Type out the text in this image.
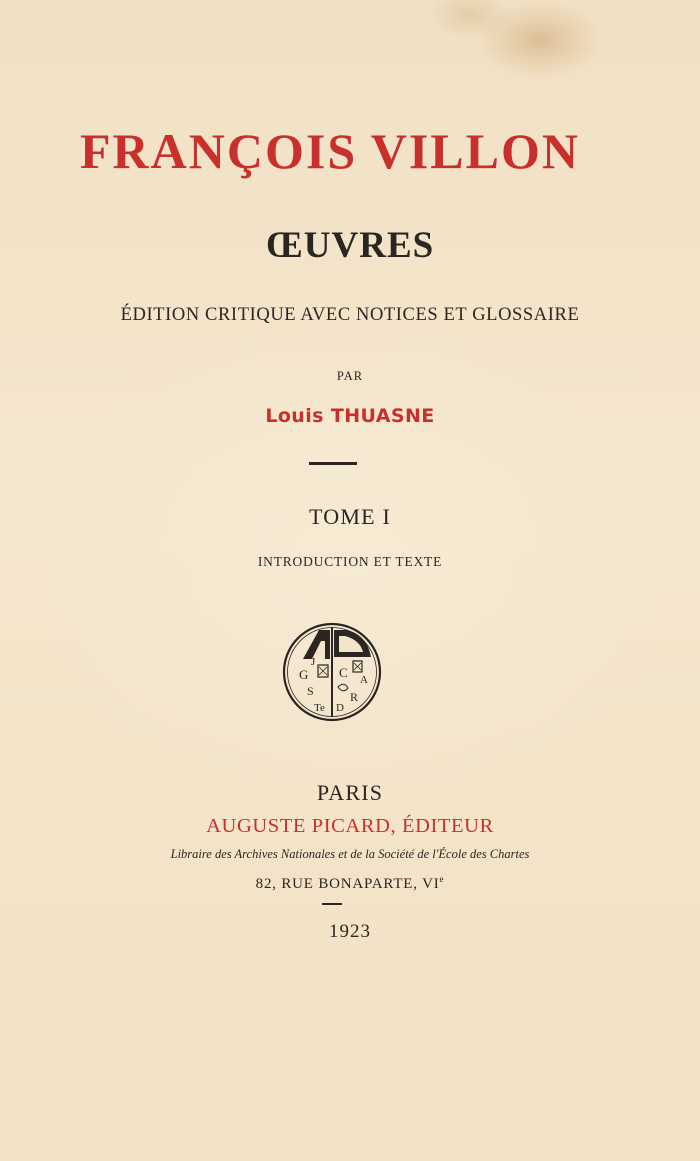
FRANÇOIS VILLON
ŒUVRES

ÉDITION CRITIQUE AVEC NOTICES ET GLOSSAIRE

PAR

Louis THUASNE

TOME I

INTRODUCTION ET TEXTE

J
G
S
Te D
R
C A

PARIS

AUGUSTE PICARD, ÉDITEUR

Libraire des Archives Nationales et de la Société de l'École des Chartes

82, RUE BONAPARTE, VIe

1923
